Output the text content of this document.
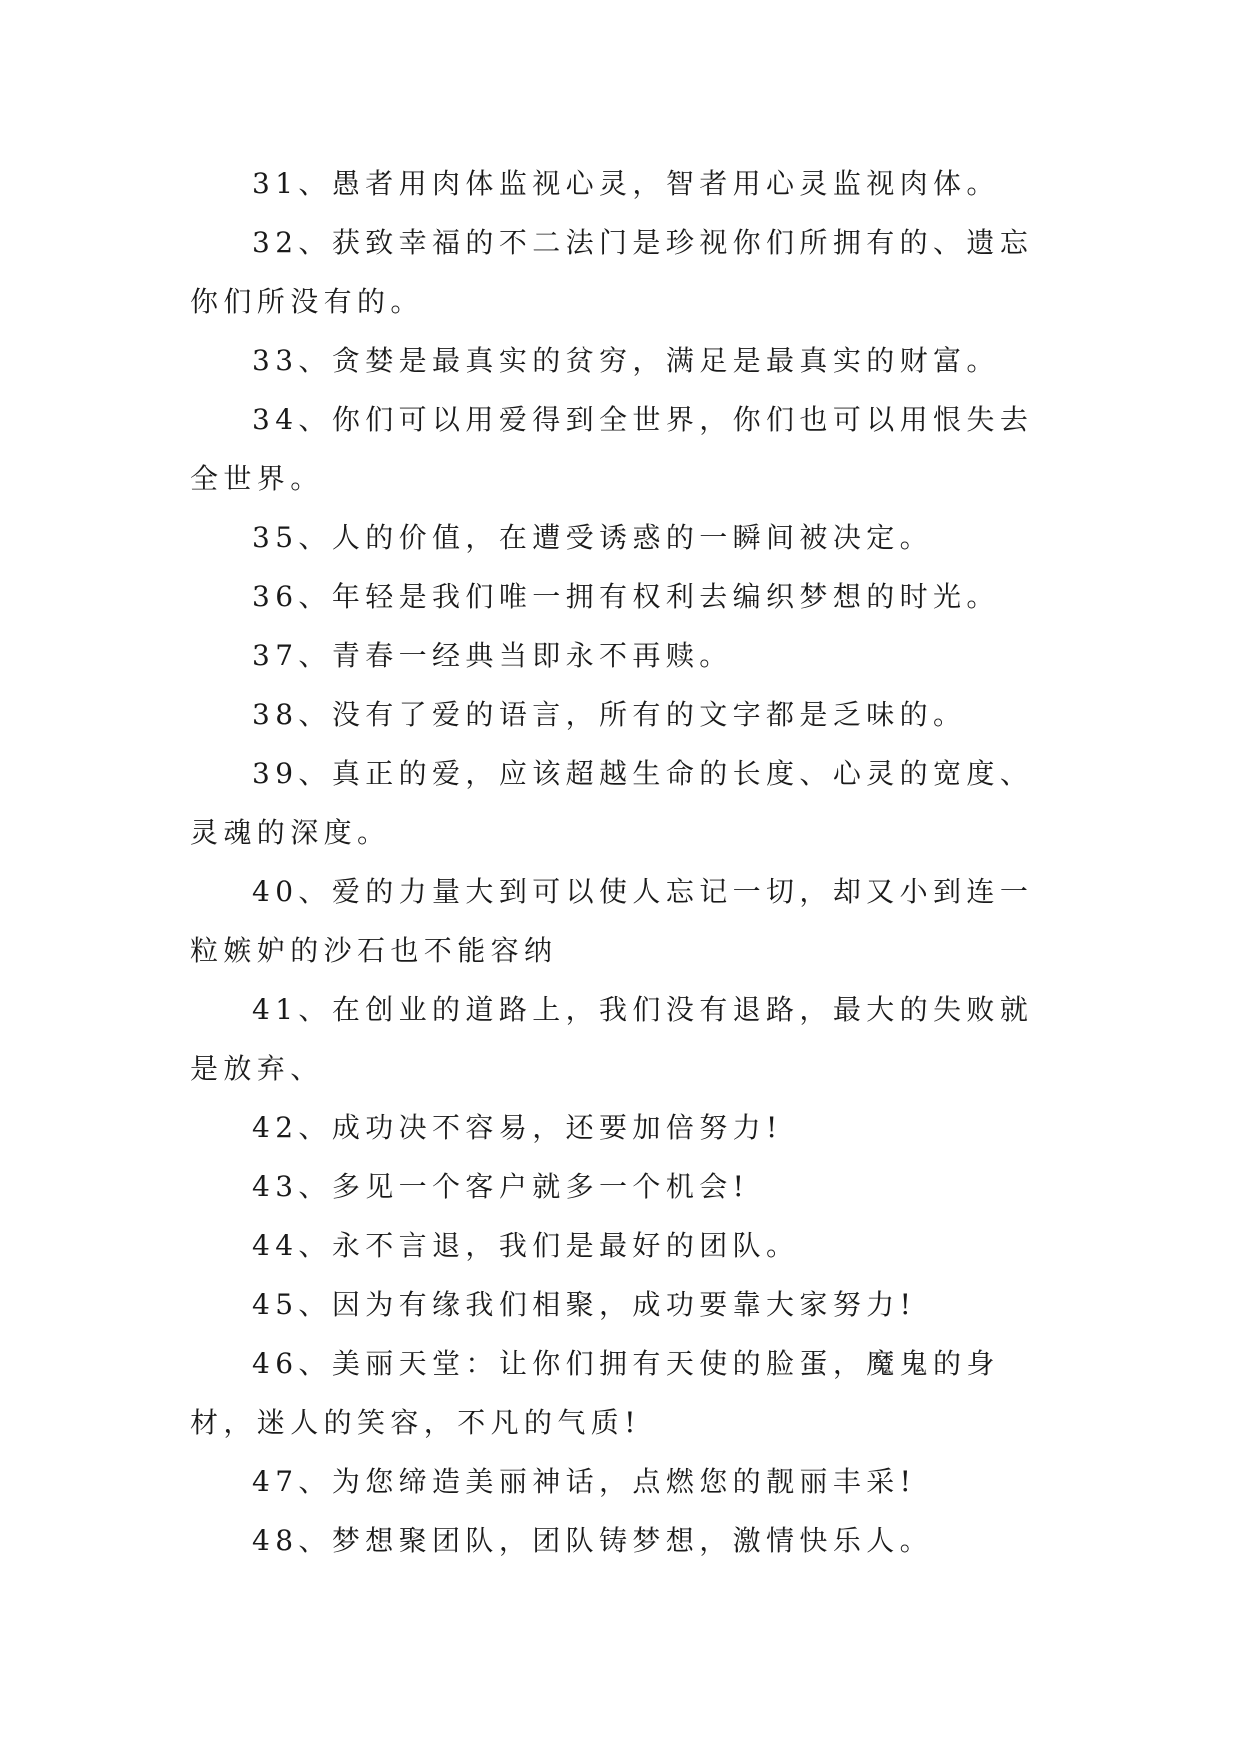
31、愚者用肉体监视心灵，智者用心灵监视肉体。

32、获致幸福的不二法门是珍视你们所拥有的、遗忘你们所没有的。

33、贪婪是最真实的贫穷，满足是最真实的财富。

34、你们可以用爱得到全世界，你们也可以用恨失去全世界。

35、人的价值，在遭受诱惑的一瞬间被决定。

36、年轻是我们唯一拥有权利去编织梦想的时光。

37、青春一经典当即永不再赎。

38、没有了爱的语言，所有的文字都是乏味的。

39、真正的爱，应该超越生命的长度、心灵的宽度、灵魂的深度。

40、爱的力量大到可以使人忘记一切，却又小到连一粒嫉妒的沙石也不能容纳

41、在创业的道路上，我们没有退路，最大的失败就是放弃、

42、成功决不容易，还要加倍努力!

43、多见一个客户就多一个机会!

44、永不言退，我们是最好的团队。

45、因为有缘我们相聚，成功要靠大家努力!

46、美丽天堂：让你们拥有天使的脸蛋，魔鬼的身材，迷人的笑容，不凡的气质!

47、为您缔造美丽神话，点燃您的靓丽丰采!

48、梦想聚团队，团队铸梦想，激情快乐人。
